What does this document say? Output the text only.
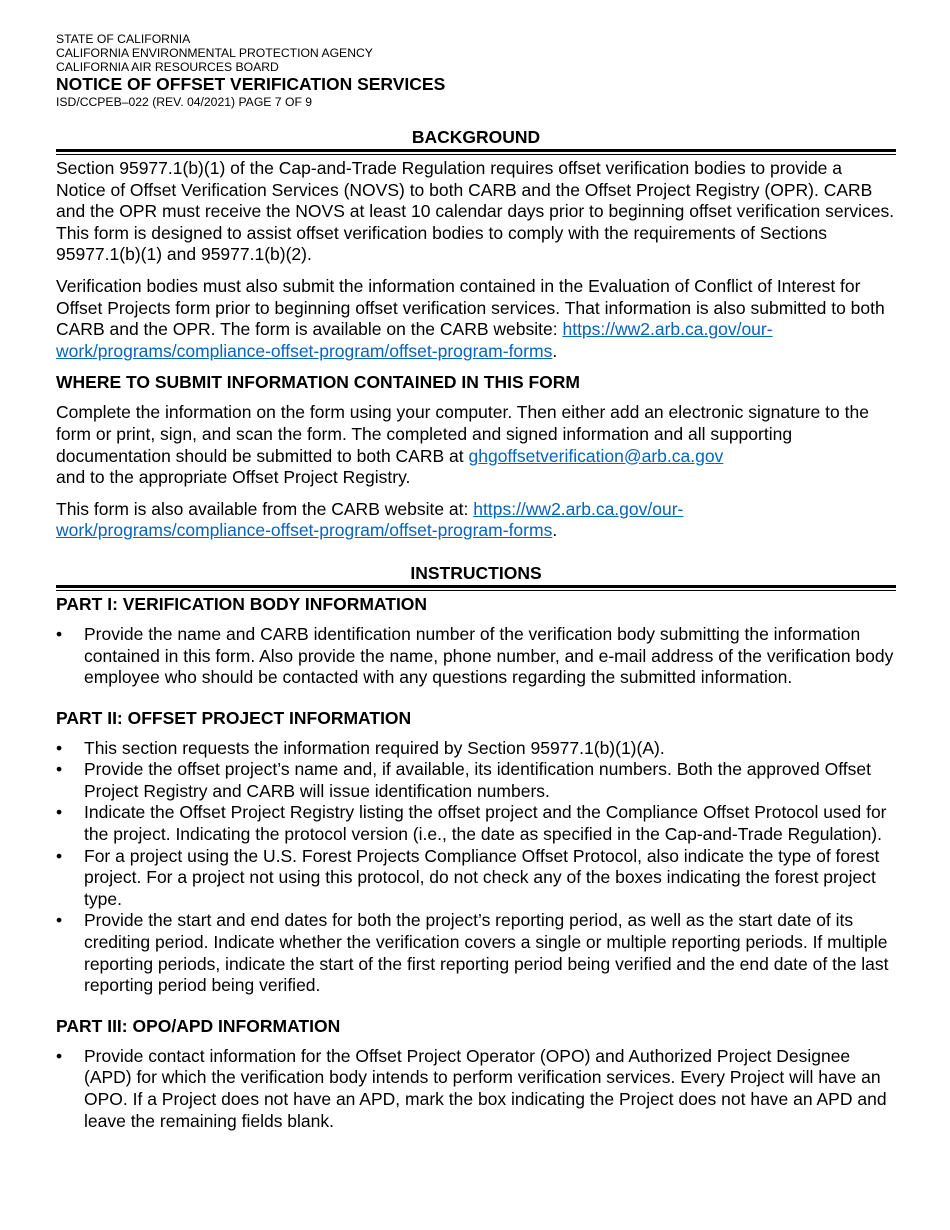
STATE OF CALIFORNIA

CALIFORNIA ENVIRONMENTAL PROTECTION AGENCY

CALIFORNIA AIR RESOURCES BOARD

NOTICE OF OFFSET VERIFICATION SERVICES

ISD/CCPEB–022 (REV. 04/2021) PAGE 7 OF 9

BACKGROUND

Section 95977.1(b)(1) of the Cap-and-Trade Regulation requires offset verification bodies to provide a Notice of Offset Verification Services (NOVS) to both CARB and the Offset Project Registry (OPR). CARB and the OPR must receive the NOVS at least 10 calendar days prior to beginning offset verification services. This form is designed to assist offset verification bodies to comply with the requirements of Sections 95977.1(b)(1) and 95977.1(b)(2).

Verification bodies must also submit the information contained in the Evaluation of Conflict of Interest for Offset Projects form prior to beginning offset verification services. That information is also submitted to both CARB and the OPR. The form is available on the CARB website: https://ww2.arb.ca.gov/our-work/programs/compliance-offset-program/offset-program-forms.

WHERE TO SUBMIT INFORMATION CONTAINED IN THIS FORM

Complete the information on the form using your computer. Then either add an electronic signature to the form or print, sign, and scan the form. The completed and signed information and all supporting documentation should be submitted to both CARB at ghgoffsetverification@arb.ca.gov
and to the appropriate Offset Project Registry.

This form is also available from the CARB website at: https://ww2.arb.ca.gov/our-work/programs/compliance-offset-program/offset-program-forms.

INSTRUCTIONS

PART I: VERIFICATION BODY INFORMATION
•	Provide the name and CARB identification number of the verification body submitting the information contained in this form. Also provide the name, phone number, and e-mail address of the verification body employee who should be contacted with any questions regarding the submitted information.
PART II: OFFSET PROJECT INFORMATION
•	This section requests the information required by Section 95977.1(b)(1)(A).
•	Provide the offset project’s name and, if available, its identification numbers. Both the approved Offset Project Registry and CARB will issue identification numbers.
•	Indicate the Offset Project Registry listing the offset project and the Compliance Offset Protocol used for the project. Indicating the protocol version (i.e., the date as specified in the Cap-and-Trade Regulation).
•	For a project using the U.S. Forest Projects Compliance Offset Protocol, also indicate the type of forest project. For a project not using this protocol, do not check any of the boxes indicating the forest project type.
•	Provide the start and end dates for both the project’s reporting period, as well as the start date of its crediting period. Indicate whether the verification covers a single or multiple reporting periods. If multiple reporting periods, indicate the start of the first reporting period being verified and the end date of the last reporting period being verified.
PART III: OPO/APD INFORMATION
•	Provide contact information for the Offset Project Operator (OPO) and Authorized Project Designee (APD) for which the verification body intends to perform verification services. Every Project will have an OPO. If a Project does not have an APD, mark the box indicating the Project does not have an APD and leave the remaining fields blank.
